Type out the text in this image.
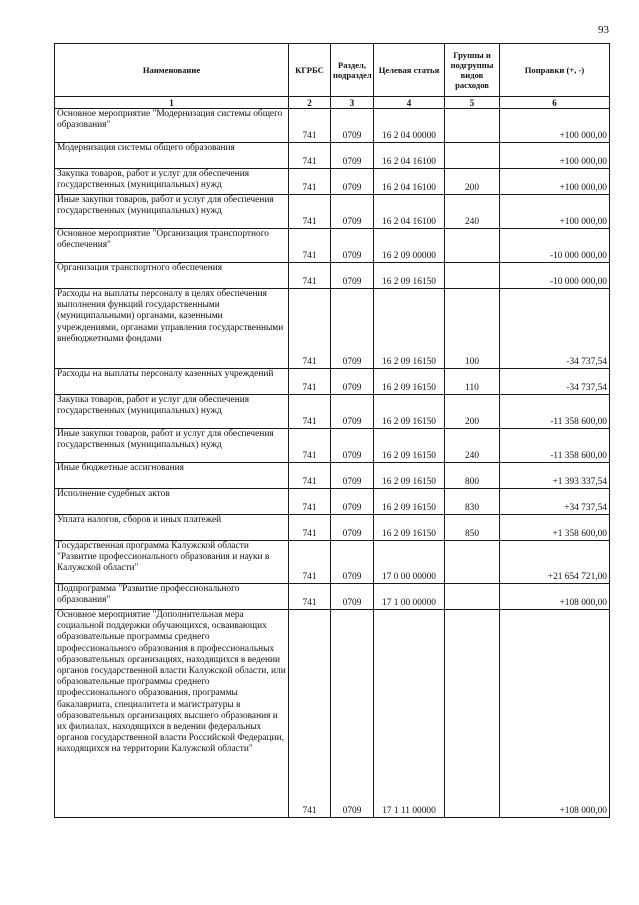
93
Наименование	КГРБС	Раздел, подраздел	Целевая статья	Группы и подгруппы видов расходов	Поправки (+, -)
1	2	3	4	5	6
Основное мероприятие "Модернизация системы общего образования"	741	0709	16 2 04 00000		+100 000,00
Модернизация системы общего образования	741	0709	16 2 04 16100		+100 000,00
Закупка товаров, работ и услуг для обеспечения государственных (муниципальных) нужд	741	0709	16 2 04 16100	200	+100 000,00
Иные закупки товаров, работ и услуг для обеспечения государственных (муниципальных) нужд	741	0709	16 2 04 16100	240	+100 000,00
Основное мероприятие "Организация транспортного обеспечения"	741	0709	16 2 09 00000		-10 000 000,00
Организация транспортного обеспечения	741	0709	16 2 09 16150		-10 000 000,00
Расходы на выплаты персоналу в целях обеспечения выполнения функций государственными (муниципальными) органами, казенными учреждениями, органами управления государственными внебюджетными фондами	741	0709	16 2 09 16150	100	-34 737,54
Расходы на выплаты персоналу казенных учреждений	741	0709	16 2 09 16150	110	-34 737,54
Закупка товаров, работ и услуг для обеспечения государственных (муниципальных) нужд	741	0709	16 2 09 16150	200	-11 358 600,00
Иные закупки товаров, работ и услуг для обеспечения государственных (муниципальных) нужд	741	0709	16 2 09 16150	240	-11 358 600,00
Иные бюджетные ассигнования	741	0709	16 2 09 16150	800	+1 393 337,54
Исполнение судебных актов	741	0709	16 2 09 16150	830	+34 737,54
Уплата налогов, сборов и иных платежей	741	0709	16 2 09 16150	850	+1 358 600,00
Государственная программа Калужской области "Развитие профессионального образования и науки в Калужской области"	741	0709	17 0 00 00000		+21 654 721,00
Подпрограмма "Развитие профессионального образования"	741	0709	17 1 00 00000		+108 000,00
Основное мероприятие "Дополнительная мера социальной поддержки обучающихся, осваивающих образовательные программы среднего профессионального образования в профессиональных образовательных организациях, находящихся в ведении органов государственной власти Калужской области, или образовательные программы среднего профессионального образования, программы бакалавриата, специалитета и магистратуры в образовательных организациях высшего образования и их филиалах, находящихся в ведении федеральных органов государственной власти Российской Федерации, находящихся на территории Калужской области"	741	0709	17 1 11 00000		+108 000,00
